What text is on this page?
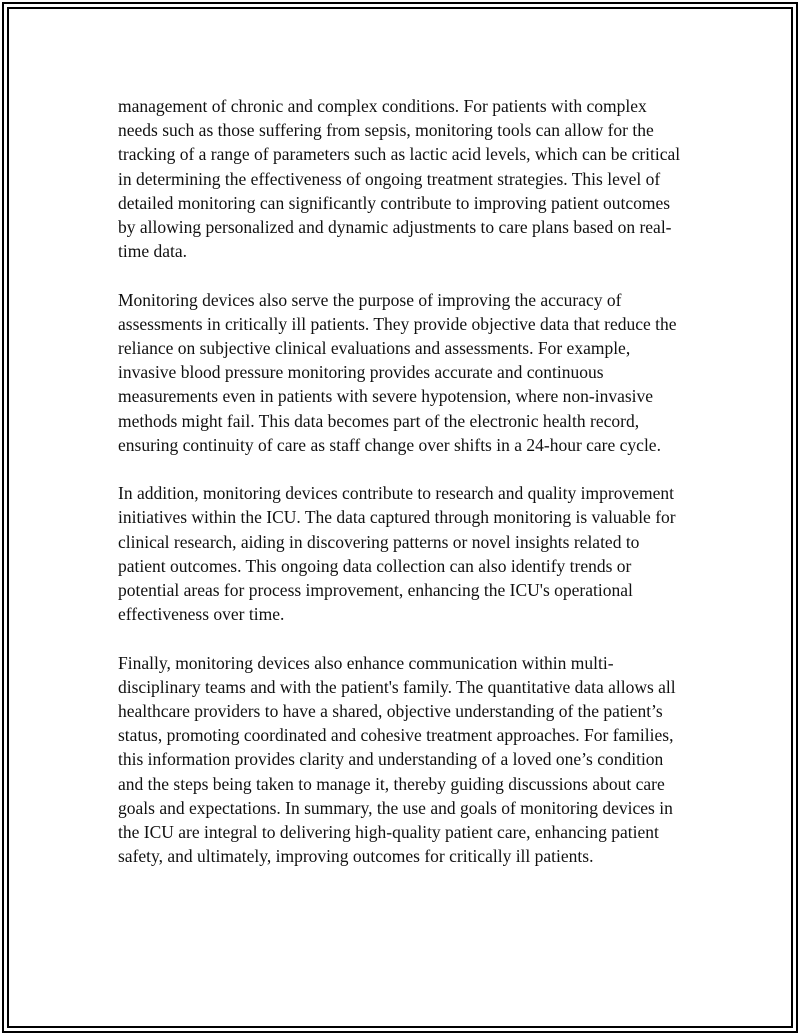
management of chronic and complex conditions. For patients with complex needs such as those suffering from sepsis, monitoring tools can allow for the tracking of a range of parameters such as lactic acid levels, which can be critical in determining the effectiveness of ongoing treatment strategies. This level of detailed monitoring can significantly contribute to improving patient outcomes by allowing personalized and dynamic adjustments to care plans based on real-time data.

Monitoring devices also serve the purpose of improving the accuracy of assessments in critically ill patients. They provide objective data that reduce the reliance on subjective clinical evaluations and assessments. For example, invasive blood pressure monitoring provides accurate and continuous measurements even in patients with severe hypotension, where non-invasive methods might fail. This data becomes part of the electronic health record, ensuring continuity of care as staff change over shifts in a 24-hour care cycle.

In addition, monitoring devices contribute to research and quality improvement initiatives within the ICU. The data captured through monitoring is valuable for clinical research, aiding in discovering patterns or novel insights related to patient outcomes. This ongoing data collection can also identify trends or potential areas for process improvement, enhancing the ICU's operational effectiveness over time.

Finally, monitoring devices also enhance communication within multi-disciplinary teams and with the patient's family. The quantitative data allows all healthcare providers to have a shared, objective understanding of the patient’s status, promoting coordinated and cohesive treatment approaches. For families, this information provides clarity and understanding of a loved one’s condition and the steps being taken to manage it, thereby guiding discussions about care goals and expectations. In summary, the use and goals of monitoring devices in the ICU are integral to delivering high-quality patient care, enhancing patient safety, and ultimately, improving outcomes for critically ill patients.
